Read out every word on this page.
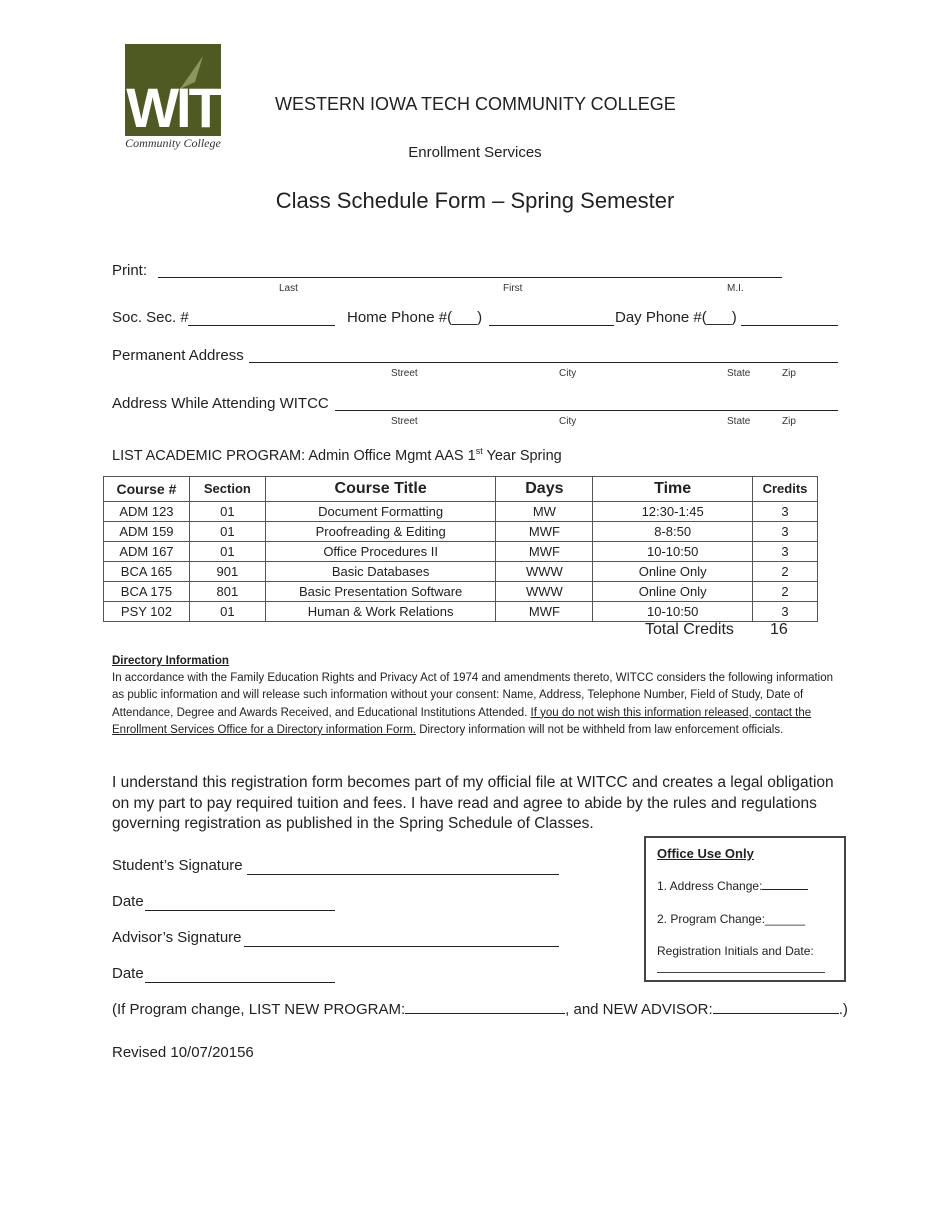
WIT
Community College
WESTERN IOWA TECH COMMUNITY COLLEGE
Enrollment Services
Class Schedule Form – Spring Semester
Print:
Last	First	M.I.
Soc. Sec. #	Home Phone #(___)	Day Phone #(___)
Permanent Address
Street	City	State	Zip
Address While Attending WITCC
Street	City	State	Zip
LIST ACADEMIC PROGRAM: Admin Office Mgmt AAS 1st Year Spring
Course #	Section	Course Title	Days	Time	Credits
ADM 123	01	Document Formatting	MW	12:30-1:45	3
ADM 159	01	Proofreading & Editing	MWF	8-8:50	3
ADM 167	01	Office Procedures II	MWF	10-10:50	3
BCA 165	901	Basic Databases	WWW	Online Only	2
BCA 175	801	Basic Presentation Software	WWW	Online Only	2
PSY 102	01	Human & Work Relations	MWF	10-10:50	3
Total Credits 16
Directory Information
In accordance with the Family Education Rights and Privacy Act of 1974 and amendments thereto, WITCC considers the following information as public information and will release such information without your consent: Name, Address, Telephone Number, Field of Study, Date of Attendance, Degree and Awards Received, and Educational Institutions Attended. If you do not wish this information released, contact the Enrollment Services Office for a Directory information Form. Directory information will not be withheld from law enforcement officials.
I understand this registration form becomes part of my official file at WITCC and creates a legal obligation on my part to pay required tuition and fees. I have read and agree to abide by the rules and regulations governing registration as published in the Spring Schedule of Classes.
Student’s Signature
Date
Advisor’s Signature
Date
Office Use Only
1. Address Change:
2. Program Change:______
Registration Initials and Date:
(If Program change, LIST NEW PROGRAM:	, and NEW ADVISOR:	.)
Revised 10/07/20156
